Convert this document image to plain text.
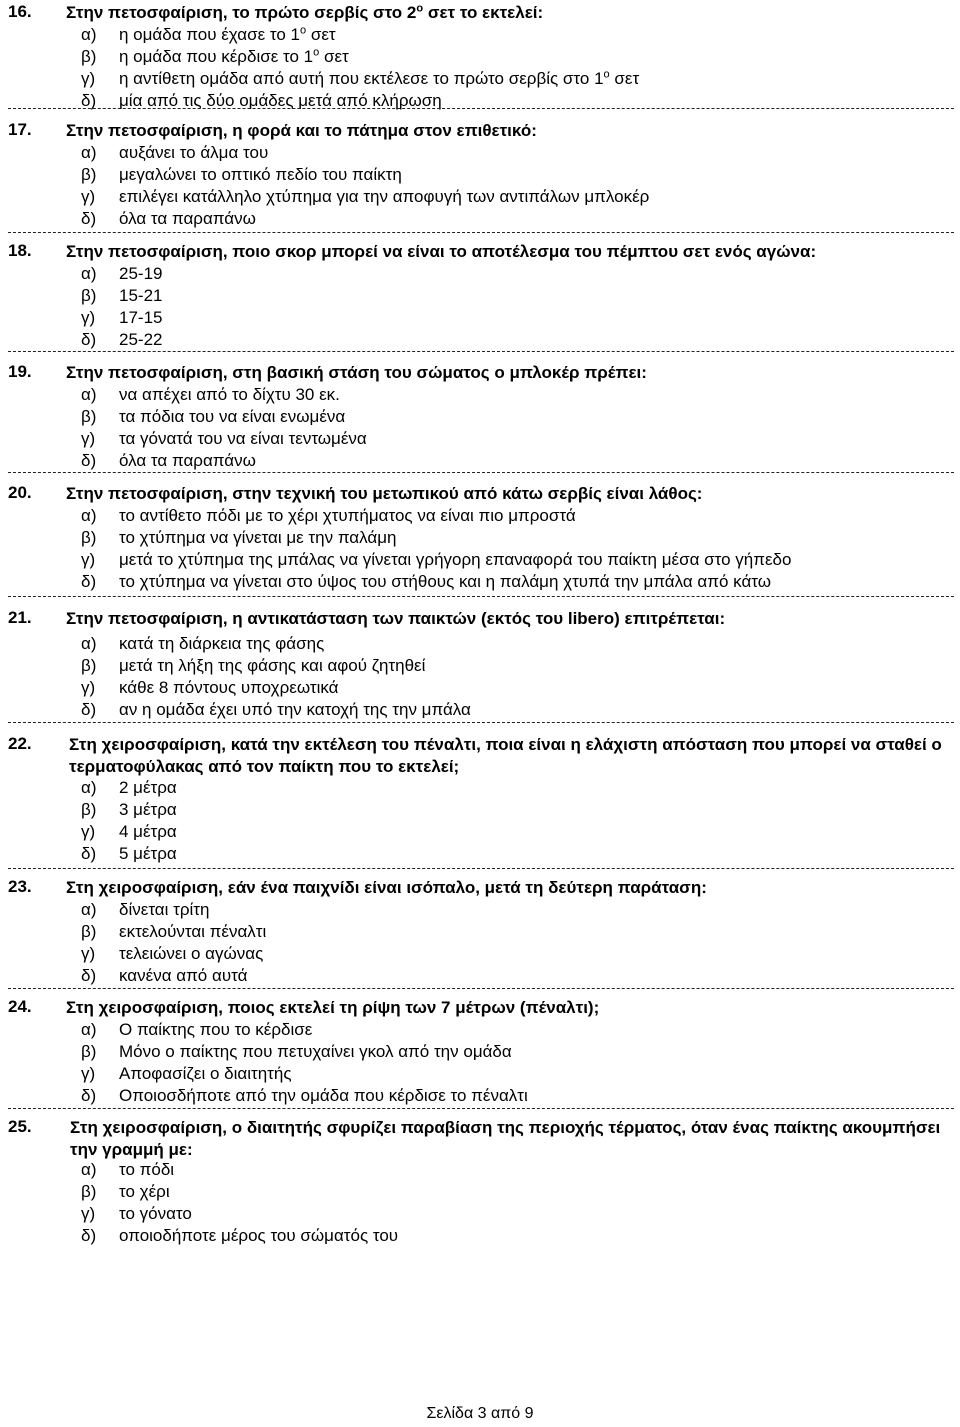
16. Στην πετοσφαίριση, το πρώτο σερβίς στο $2^o$ σετ το εκτελεί:
α) η ομάδα που έχασε το $1^o$ σετ
β) η ομάδα που κέρδισε το $1^o$ σετ
γ) η αντίθετη ομάδα από αυτή που εκτέλεσε το πρώτο σερβίς στο $1^o$ σετ
δ) μία από τις δύο ομάδες μετά από κλήρωση
17. Στην πετοσφαίριση, η φορά και το πάτημα στον επιθετικό:
α) αυξάνει το άλμα του
β) μεγαλώνει το οπτικό πεδίο του παίκτη
γ) επιλέγει κατάλληλο χτύπημα για την αποφυγή των αντιπάλων μπλοκέρ
δ) όλα τα παραπάνω
18. Στην πετοσφαίριση, ποιο σκορ μπορεί να είναι το αποτέλεσμα του πέμπτου σετ ενός αγώνα:
α) 25-19
β) 15-21
γ) 17-15
δ) 25-22
19. Στην πετοσφαίριση, στη βασική στάση του σώματος ο μπλοκέρ πρέπει:
α) να απέχει από το δίχτυ 30 εκ.
β) τα πόδια του να είναι ενωμένα
γ) τα γόνατά του να είναι τεντωμένα
δ) όλα τα παραπάνω
20. Στην πετοσφαίριση, στην τεχνική του μετωπικού από κάτω σερβίς είναι λάθος:
α) το αντίθετο πόδι με το χέρι χτυπήματος να είναι πιο μπροστά
β) το χτύπημα να γίνεται με την παλάμη
γ) μετά το χτύπημα της μπάλας να γίνεται γρήγορη επαναφορά του παίκτη μέσα στο γήπεδο
δ) το χτύπημα να γίνεται στο ύψος του στήθους και η παλάμη χτυπά την μπάλα από κάτω
21. Στην πετοσφαίριση, η αντικατάσταση των παικτών (εκτός του libero) επιτρέπεται:
α) κατά τη διάρκεια της φάσης
β) μετά τη λήξη της φάσης και αφού ζητηθεί
γ) κάθε 8 πόντους υποχρεωτικά
δ) αν η ομάδα έχει υπό την κατοχή της την μπάλα
22. Στη χειροσφαίριση, κατά την εκτέλεση του πέναλτι, ποια είναι η ελάχιστη απόσταση που μπορεί να σταθεί ο τερματοφύλακας από τον παίκτη που το εκτελεί;
α) 2 μέτρα
β) 3 μέτρα
γ) 4 μέτρα
δ) 5 μέτρα
23. Στη χειροσφαίριση, εάν ένα παιχνίδι είναι ισόπαλο, μετά τη δεύτερη παράταση:
α) δίνεται τρίτη
β) εκτελούνται πέναλτι
γ) τελειώνει ο αγώνας
δ) κανένα από αυτά
24. Στη χειροσφαίριση, ποιος εκτελεί τη ρίψη των 7 μέτρων (πέναλτι);
α) Ο παίκτης που το κέρδισε
β) Μόνο ο παίκτης που πετυχαίνει γκολ από την ομάδα
γ) Αποφασίζει ο διαιτητής
δ) Οποιοσδήποτε από την ομάδα που κέρδισε το πέναλτι
25. Στη χειροσφαίριση, ο διαιτητής σφυρίζει παραβίαση της περιοχής τέρματος, όταν ένας παίκτης ακουμπήσει την γραμμή με:
α) το πόδι
β) το χέρι
γ) το γόνατο
δ) οποιοδήποτε μέρος του σώματός του
Σελίδα 3 από 9
